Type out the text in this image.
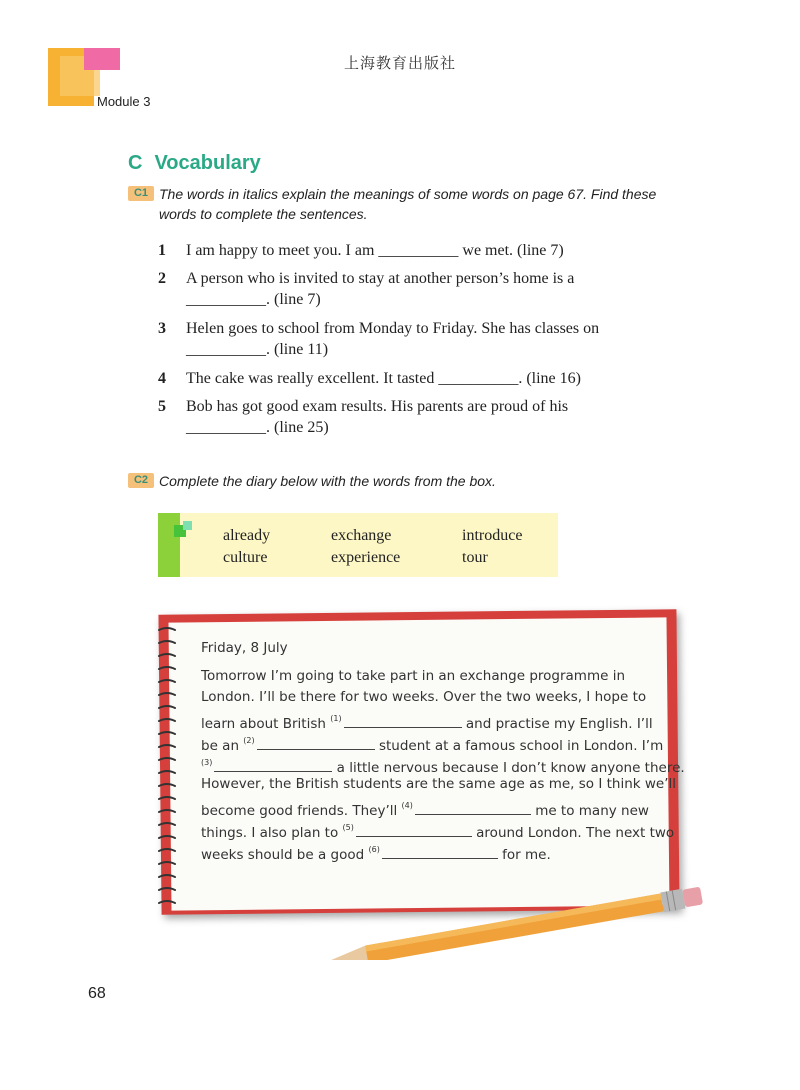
上海教育出版社
Module 3
C Vocabulary
C1 The words in italics explain the meanings of some words on page 67. Find these
words to complete the sentences.
1 I am happy to meet you. I am __________ we met. (line 7)
2 A person who is invited to stay at another person’s home is a
__________. (line 7)
3 Helen goes to school from Monday to Friday. She has classes on
__________. (line 11)
4 The cake was really excellent. It tasted __________. (line 16)
5 Bob has got good exam results. His parents are proud of his
__________. (line 25)
C2 Complete the diary below with the words from the box.
already	exchange	introduce
culture	experience	tour
Friday, 8 July
Tomorrow I’m going to take part in an exchange programme in
London. I’ll be there for two weeks. Over the two weeks, I hope to
learn about British $^{(1)}$	and practise my English. I’ll
be an $^{(2)}$	student at a famous school in London. I’m
$^{(3)}$	a little nervous because I don’t know anyone there.
However, the British students are the same age as me, so I think we’ll
become good friends. They’ll $^{(4)}$	me to many new
things. I also plan to $^{(5)}$	around London. The next two
weeks should be a good $^{(6)}$	for me.
68
